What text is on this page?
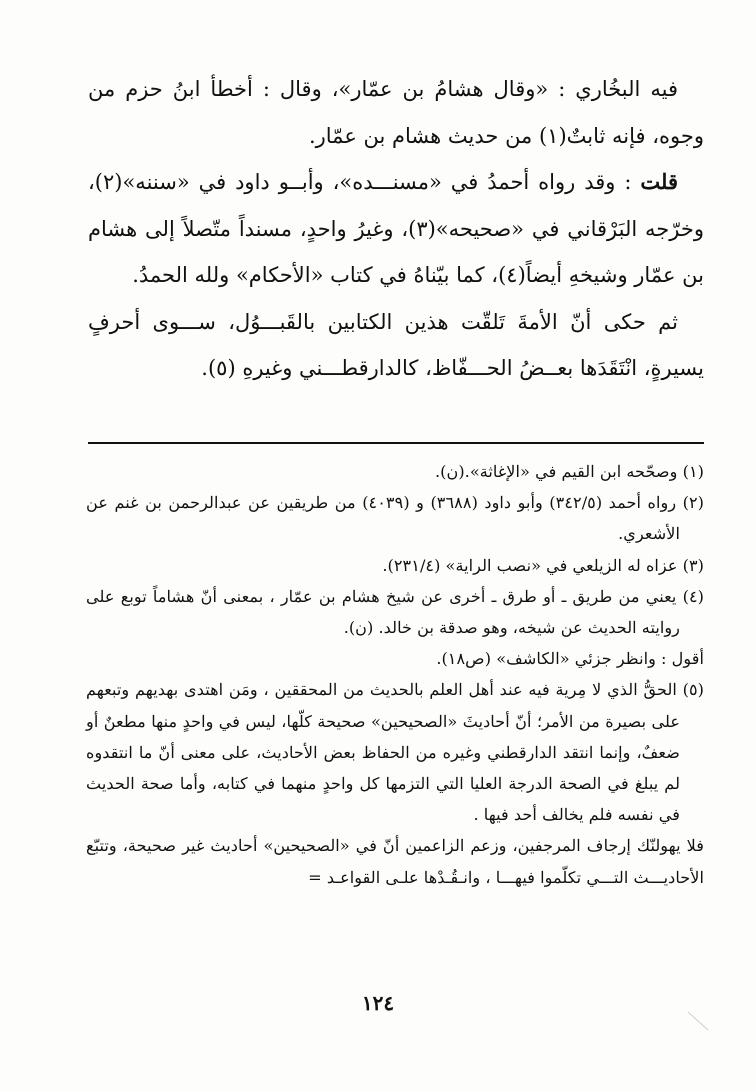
فيه البخُاري : «وقال هشامُ بن عمّار»، وقال : أخطأ ابنُ حزم من وجوه، فإنه ثابتٌ(١) من حديث هشام بن عمّار.

قلت : وقد رواه أحمدُ في «مسنـــده»، وأبــو داود في «سننه»(٢)، وخرّجه البَرْقاني في «صحيحه»(٣)، وغيرُ واحدٍ، مسنداً متّصلاً إلى هشام بن عمّار وشيخهِ أيضاً(٤)، كما بيّناهُ في كتاب «الأحكام» ولله الحمدُ.

ثم حكى أنّ الأمةَ تَلقّت هذين الكتابين بالقَبـــوُل، ســـوى أحرفٍ يسيرةٍ، انْتَقَدَها بعــضُ الحـــفّاظ، كالدارقطـــني وغيرهِ (٥).

(١) وصحّحه ابن القيم في «الإغاثة».(ن).

(٢) رواه أحمد (٣٤٢/٥) وأبو داود (٣٦٨٨) و (٤٠٣٩) من طريقين عن عبدالرحمن بن غنم عن الأشعري.

(٣) عزاه له الزيلعي في «نصب الراية» (٢٣١/٤).

(٤) يعني من طريق ـ أو طرق ـ أخرى عن شيخ هشام بن عمّار ، بمعنى أنّ هشاماً توبع على روايته الحديث عن شيخه، وهو صدقة بن خالد. (ن).

أقول : وانظر جزئي «الكاشف» (ص١٨).

(٥) الحقُّ الذي لا مِرية فيه عند أهل العلم بالحديث من المحققين ، ومَن اهتدى بهديهم وتبعهم على بصيرة من الأمر؛ أنّ أحاديثَ «الصحيحين» صحيحة كلّها، ليس في واحدٍ منها مطعنٌ أو ضعفٌ، وإنما انتقد الدارقطني وغيره من الحفاظ بعض الأحاديث، على معنى أنّ ما انتقدوه لم يبلغ في الصحة الدرجة العليا التي التزمها كل واحدٍ منهما في كتابه، وأما صحة الحديث في نفسه فلم يخالف أحد فيها .

فلا يهولنّك إرجاف المرجفين، وزعم الزاعمين أنّ في «الصحيحين» أحاديث غير صحيحة، وتتبّع الأحاديـــث التـــي تكلّموا فيهـــا ، وانـقُـدْها علـى القواعـد =

١٢٤
